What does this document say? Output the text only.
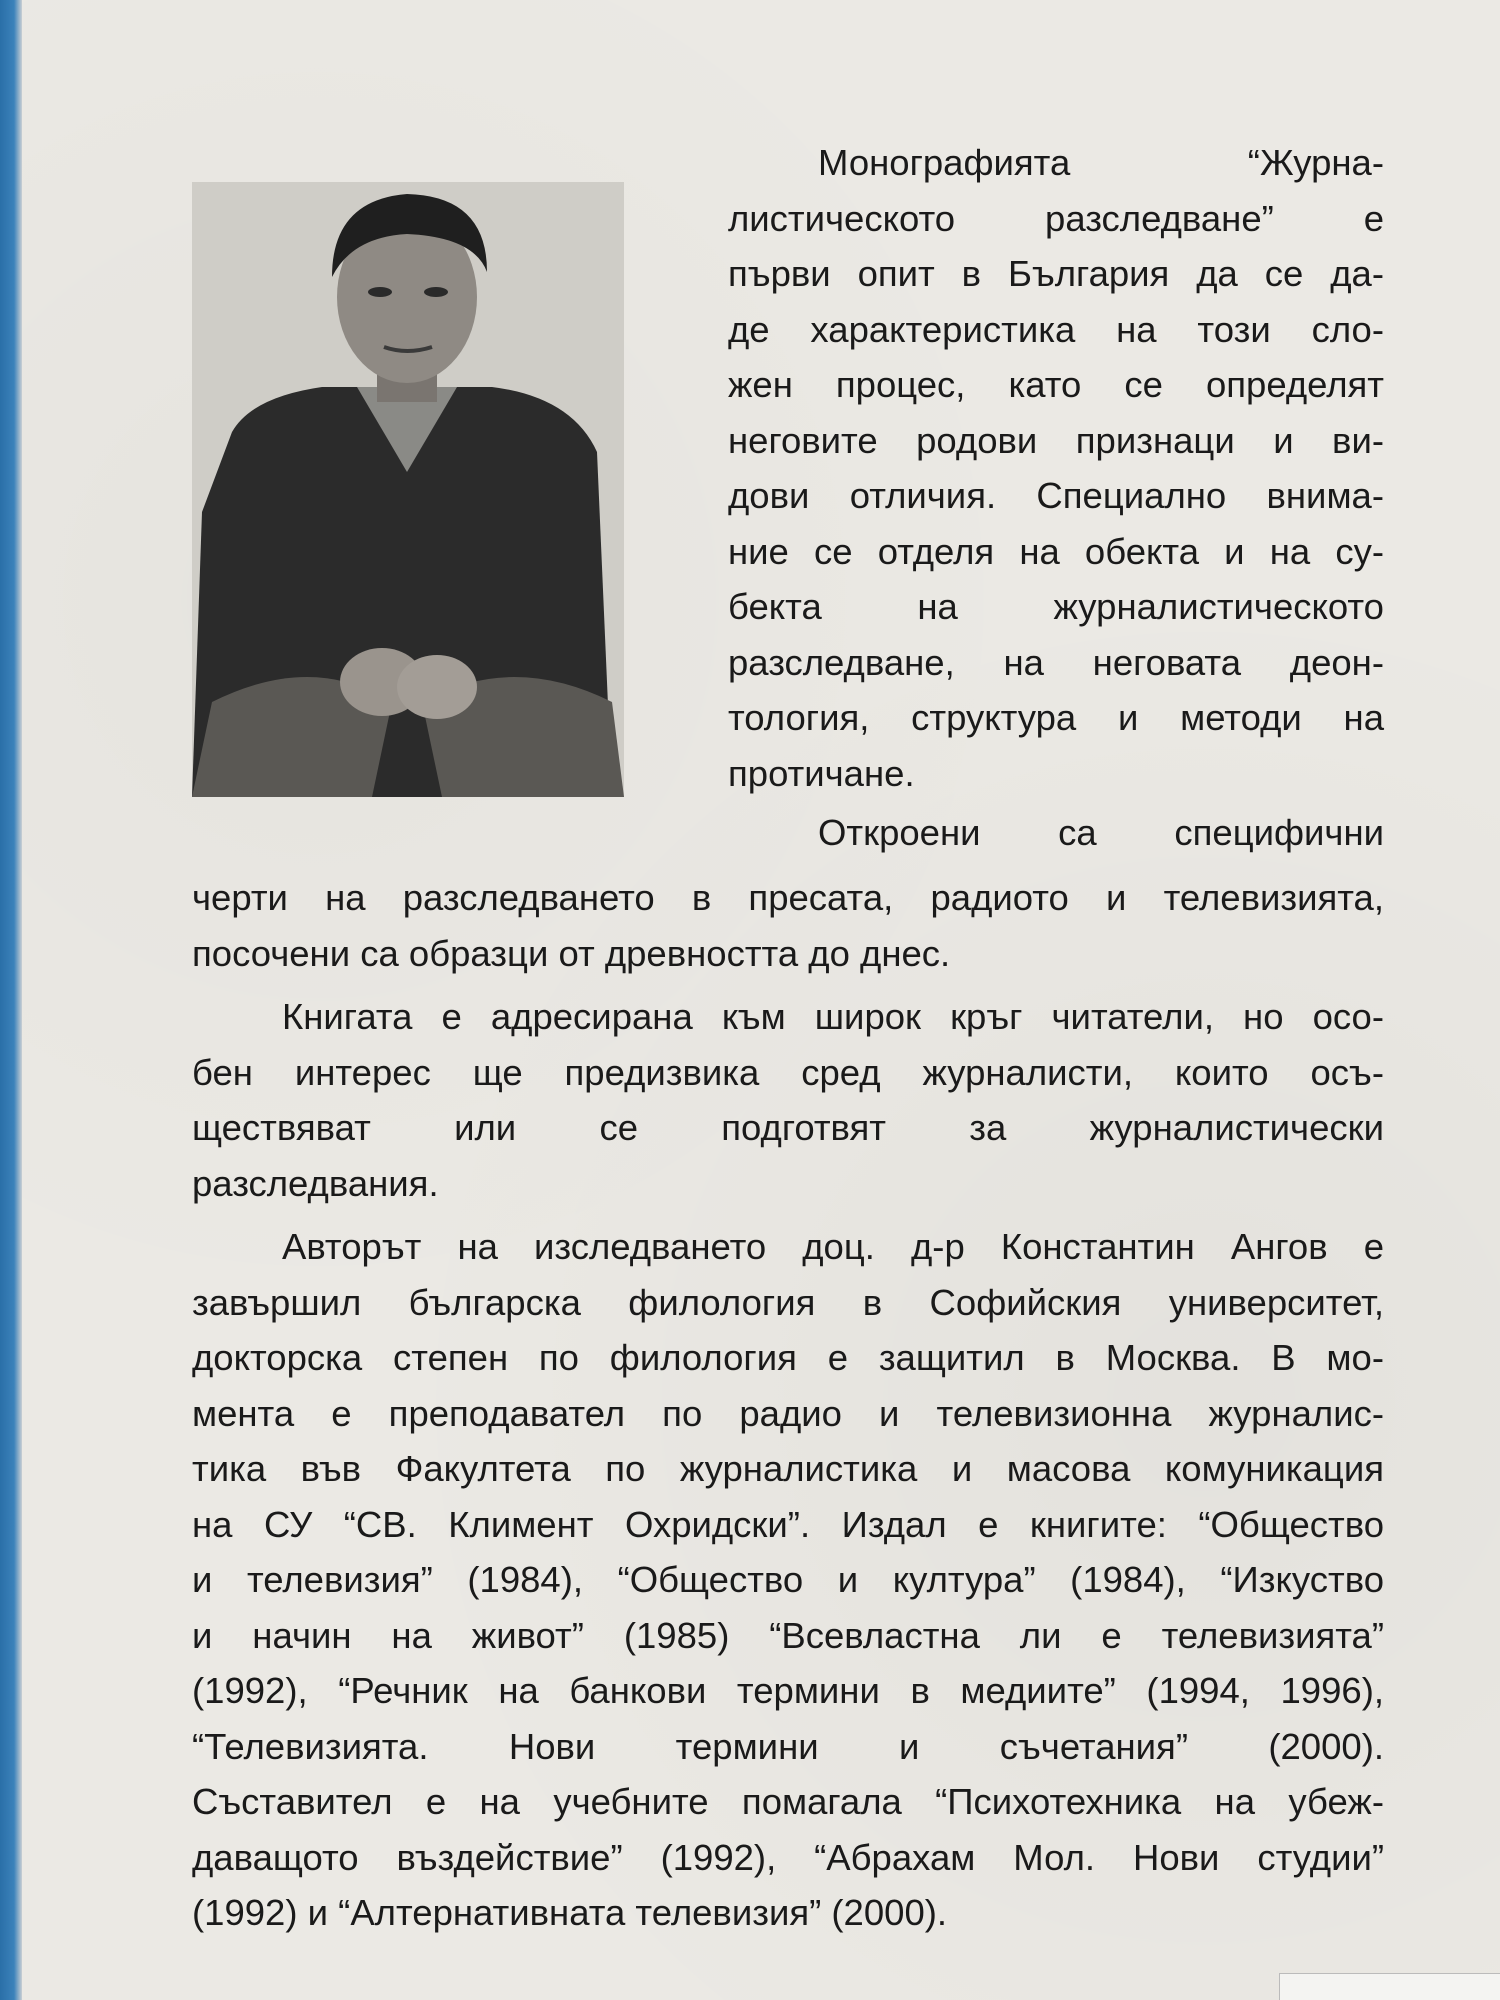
Монографията “Журна-

листическото разследване” е

първи опит в България да се да-

де характеристика на този сло-

жен процес, като се определят

неговите родови признаци и ви-

дови отличия. Специално внима-

ние се отделя на обекта и на су-

бекта на журналистическото

разследване, на неговата деон-

тология, структура и методи на

протичане.

Откроени са специфични

черти на разследването в пресата, радиото и телевизията,

посочени са образци от древността до днес.

Книгата е адресирана към широк кръг читатели, но осо-

бен интерес ще предизвика сред журналисти, които осъ-

ществяват или се подготвят за журналистически

разследвания.

Авторът на изследването доц. д-р Константин Ангов е

завършил българска филология в Софийския университет,

докторска степен по филология е защитил в Москва. В мо-

мента е преподавател по радио и телевизионна журналис-

тика във Факултета по журналистика и масова комуникация

на СУ “СВ. Климент Охридски”. Издал е книгите: “Общество

и телевизия” (1984), “Общество и култура” (1984), “Изкуство

и начин на живот” (1985) “Всевластна ли е телевизията”

(1992), “Речник на банкови термини в медиите” (1994, 1996),

“Телевизията. Нови термини и съчетания” (2000).

Съставител е на учебните помагала “Психотехника на убеж-

даващото въздействие” (1992), “Абрахам Мол. Нови студии”

(1992) и “Алтернативната телевизия” (2000).
